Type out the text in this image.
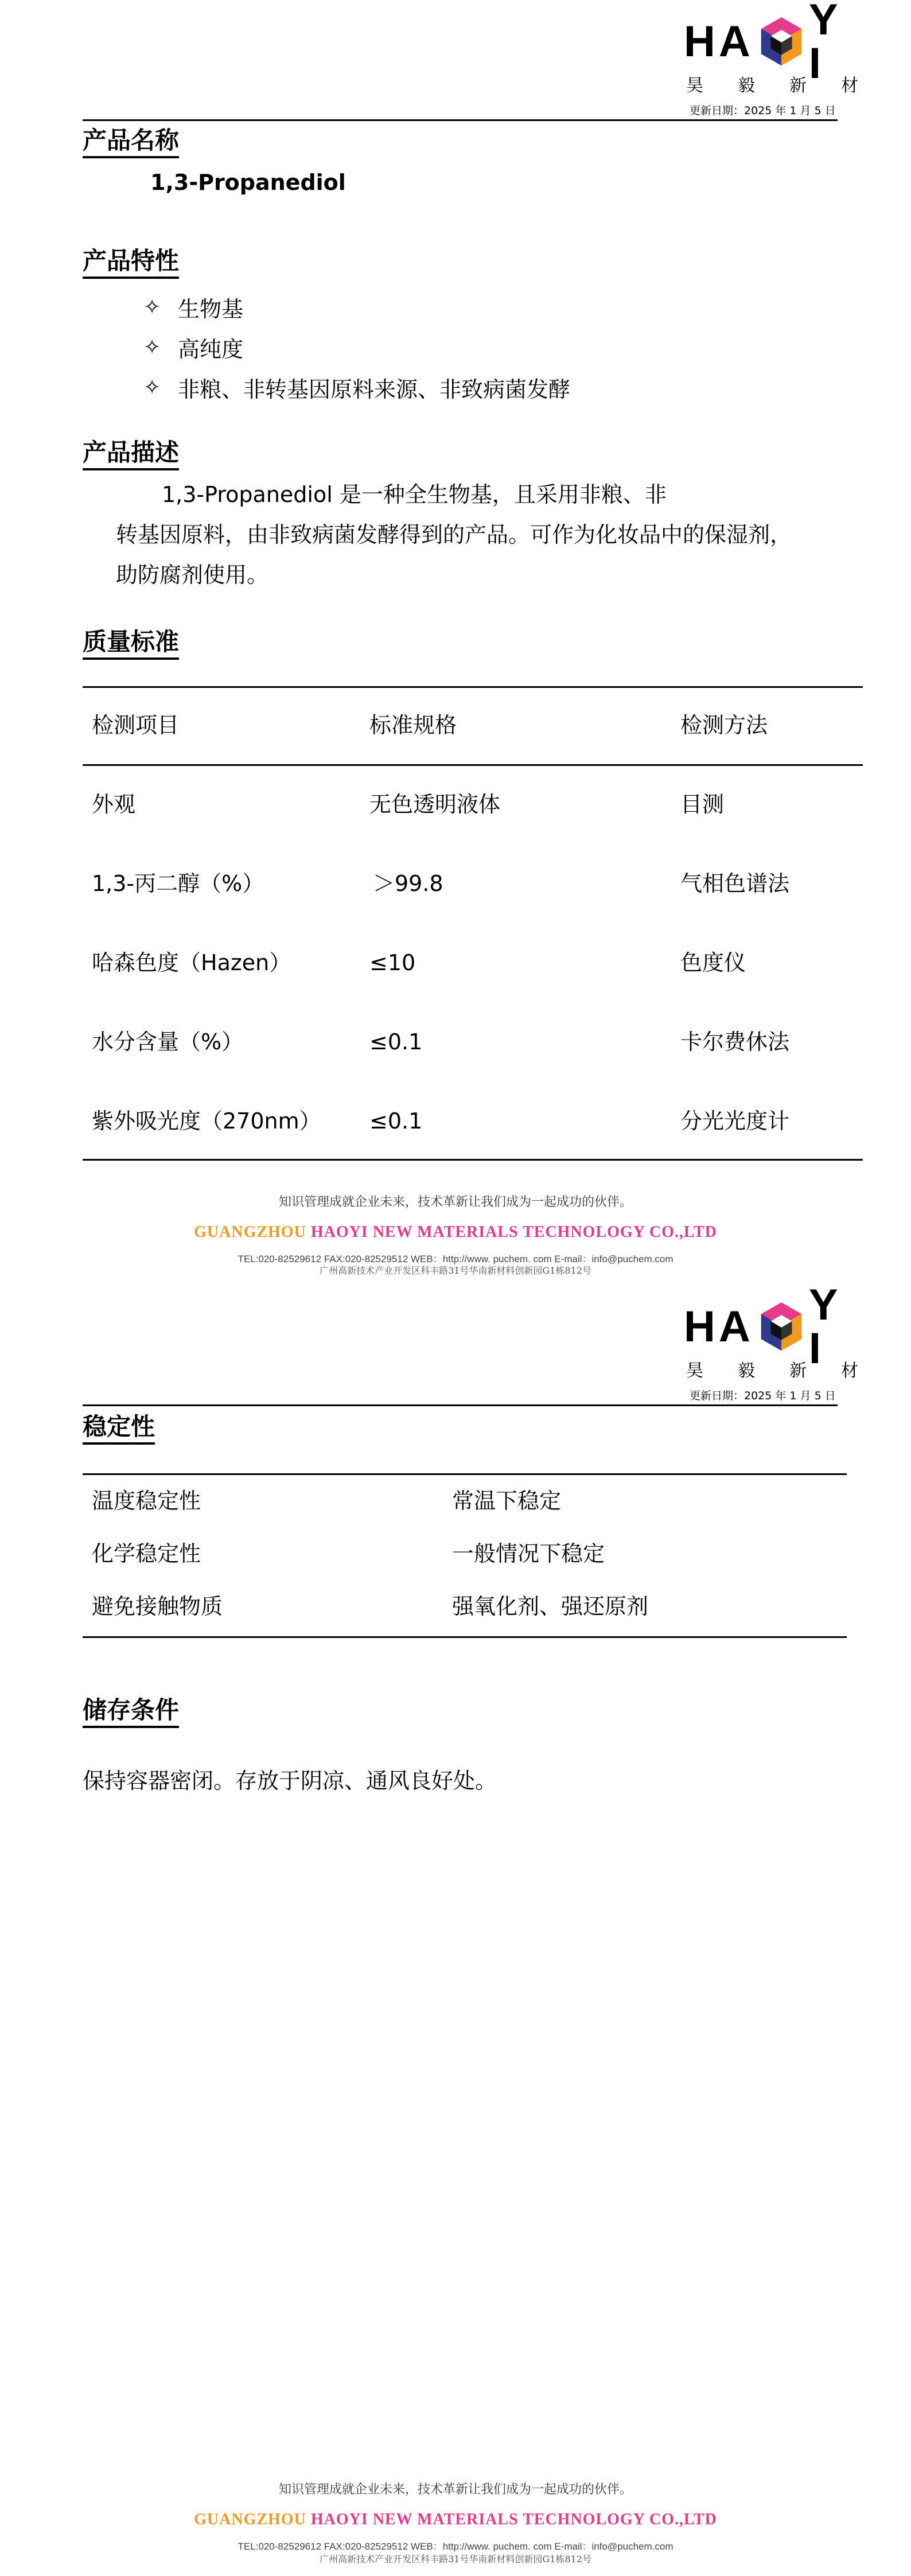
HA Y I
昊 毅 新 材
更新日期：2025 年 1 月 5 日
产品名称
1,3-Propanediol
产品特性
✧ 生物基
✧ 高纯度
✧ 非粮、非转基因原料来源、非致病菌发酵
产品描述
1,3-Propanediol 是一种全生物基，且采用非粮、非
转基因原料，由非致病菌发酵得到的产品。可作为化妆品中的保湿剂，
助防腐剂使用。
质量标准
检测项目	标准规格	检测方法
外观	无色透明液体	目测
1,3-丙二醇（%）	＞99.8	气相色谱法
哈森色度（Hazen）	≤10	色度仪
水分含量（%）	≤0.1	卡尔费休法
紫外吸光度（270nm） ≤0.1	分光光度计
知识管理成就企业未来，技术革新让我们成为一起成功的伙伴。
GUANGZHOU HAOYI NEW MATERIALS TECHNOLOGY CO.,LTD
TEL:020-82529612 FAX:020-82529512 WEB：http://www. puchem. com E-mail：info@puchem.com
广州高新技术产业开发区科丰路31号华南新材料创新园G1栋812号
HA Y I
昊 毅 新 材
更新日期：2025 年 1 月 5 日
稳定性
温度稳定性	常温下稳定
化学稳定性	一般情况下稳定
避免接触物质	强氧化剂、强还原剂
储存条件
保持容器密闭。存放于阴凉、通风良好处。
知识管理成就企业未来，技术革新让我们成为一起成功的伙伴。
GUANGZHOU HAOYI NEW MATERIALS TECHNOLOGY CO.,LTD
TEL:020-82529612 FAX:020-82529512 WEB：http://www. puchem. com E-mail：info@puchem.com
广州高新技术产业开发区科丰路31号华南新材料创新园G1栋812号
